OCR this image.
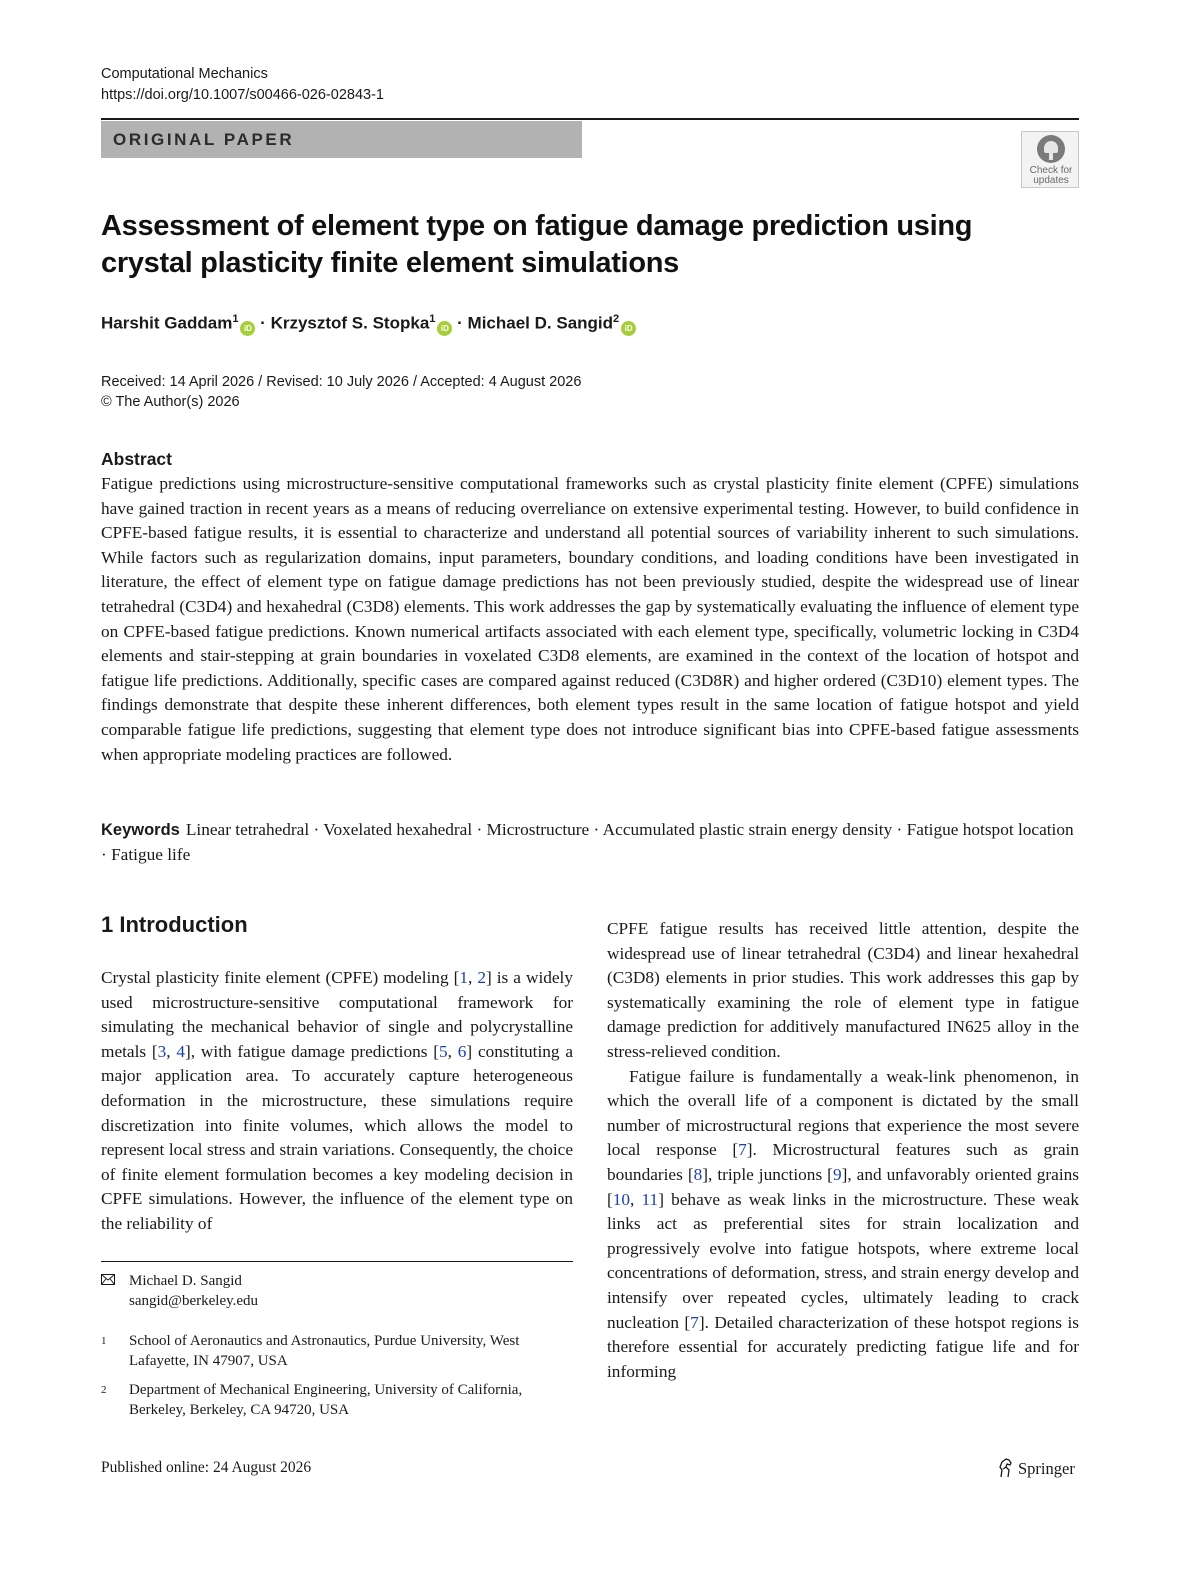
Computational Mechanics
https://doi.org/10.1007/s00466-026-02843-1
ORIGINAL PAPER
Check for
updates
Assessment of element type on fatigue damage prediction using
crystal plasticity finite element simulations
Harshit Gaddam$^1$iD · Krzysztof S. Stopka$^1$iD · Michael D. Sangid$^2$iD
Received: 14 April 2026 / Revised: 10 July 2026 / Accepted: 4 August 2026
© The Author(s) 2026
Abstract
Fatigue predictions using microstructure-sensitive computational frameworks such as crystal plasticity finite element (CPFE) simulations have gained traction in recent years as a means of reducing overreliance on extensive experimental testing. However, to build confidence in CPFE-based fatigue results, it is essential to characterize and understand all potential sources of variability inherent to such simulations. While factors such as regularization domains, input parameters, boundary conditions, and loading conditions have been investigated in literature, the effect of element type on fatigue damage predictions has not been previously studied, despite the widespread use of linear tetrahedral (C3D4) and hexahedral (C3D8) elements. This work addresses the gap by systematically evaluating the influence of element type on CPFE-based fatigue predictions. Known numerical artifacts associated with each element type, specifically, volumetric locking in C3D4 elements and stair-stepping at grain boundaries in voxelated C3D8 elements, are examined in the context of the location of hotspot and fatigue life predictions. Additionally, specific cases are compared against reduced (C3D8R) and higher ordered (C3D10) element types. The findings demonstrate that despite these inherent differences, both element types result in the same location of fatigue hotspot and yield comparable fatigue life predictions, suggesting that element type does not introduce significant bias into CPFE-based fatigue assessments when appropriate modeling practices are followed.
Keywords Linear tetrahedral · Voxelated hexahedral · Microstructure · Accumulated plastic strain energy density · Fatigue hotspot location · Fatigue life
1 Introduction

Crystal plasticity finite element (CPFE) modeling [1, 2] is a widely used microstructure-sensitive computational framework for simulating the mechanical behavior of single and polycrystalline metals [3, 4], with fatigue damage predictions [5, 6] constituting a major application area. To accurately capture heterogeneous deformation in the microstructure, these simulations require discretization into finite volumes, which allows the model to represent local stress and strain variations. Consequently, the choice of finite element formulation becomes a key modeling decision in CPFE simulations. However, the influence of the element type on the reliability of

CPFE fatigue results has received little attention, despite the widespread use of linear tetrahedral (C3D4) and linear hexahedral (C3D8) elements in prior studies. This work addresses this gap by systematically examining the role of element type in fatigue damage prediction for additively manufactured IN625 alloy in the stress-relieved condition.

Fatigue failure is fundamentally a weak-link phenomenon, in which the overall life of a component is dictated by the small number of microstructural regions that experience the most severe local response [7]. Microstructural features such as grain boundaries [8], triple junctions [9], and unfavorably oriented grains [10, 11] behave as weak links in the microstructure. These weak links act as preferential sites for strain localization and progressively evolve into fatigue hotspots, where extreme local concentrations of deformation, stress, and strain energy develop and intensify over repeated cycles, ultimately leading to crack nucleation [7]. Detailed characterization of these hotspot regions is therefore essential for accurately predicting fatigue life and for informing

Michael D. Sangid
sangid@berkeley.edu
1	School of Aeronautics and Astronautics, Purdue University, West Lafayette, IN 47907, USA
2	Department of Mechanical Engineering, University of California, Berkeley, Berkeley, CA 94720, USA
Published online: 24 August 2026	Springer
